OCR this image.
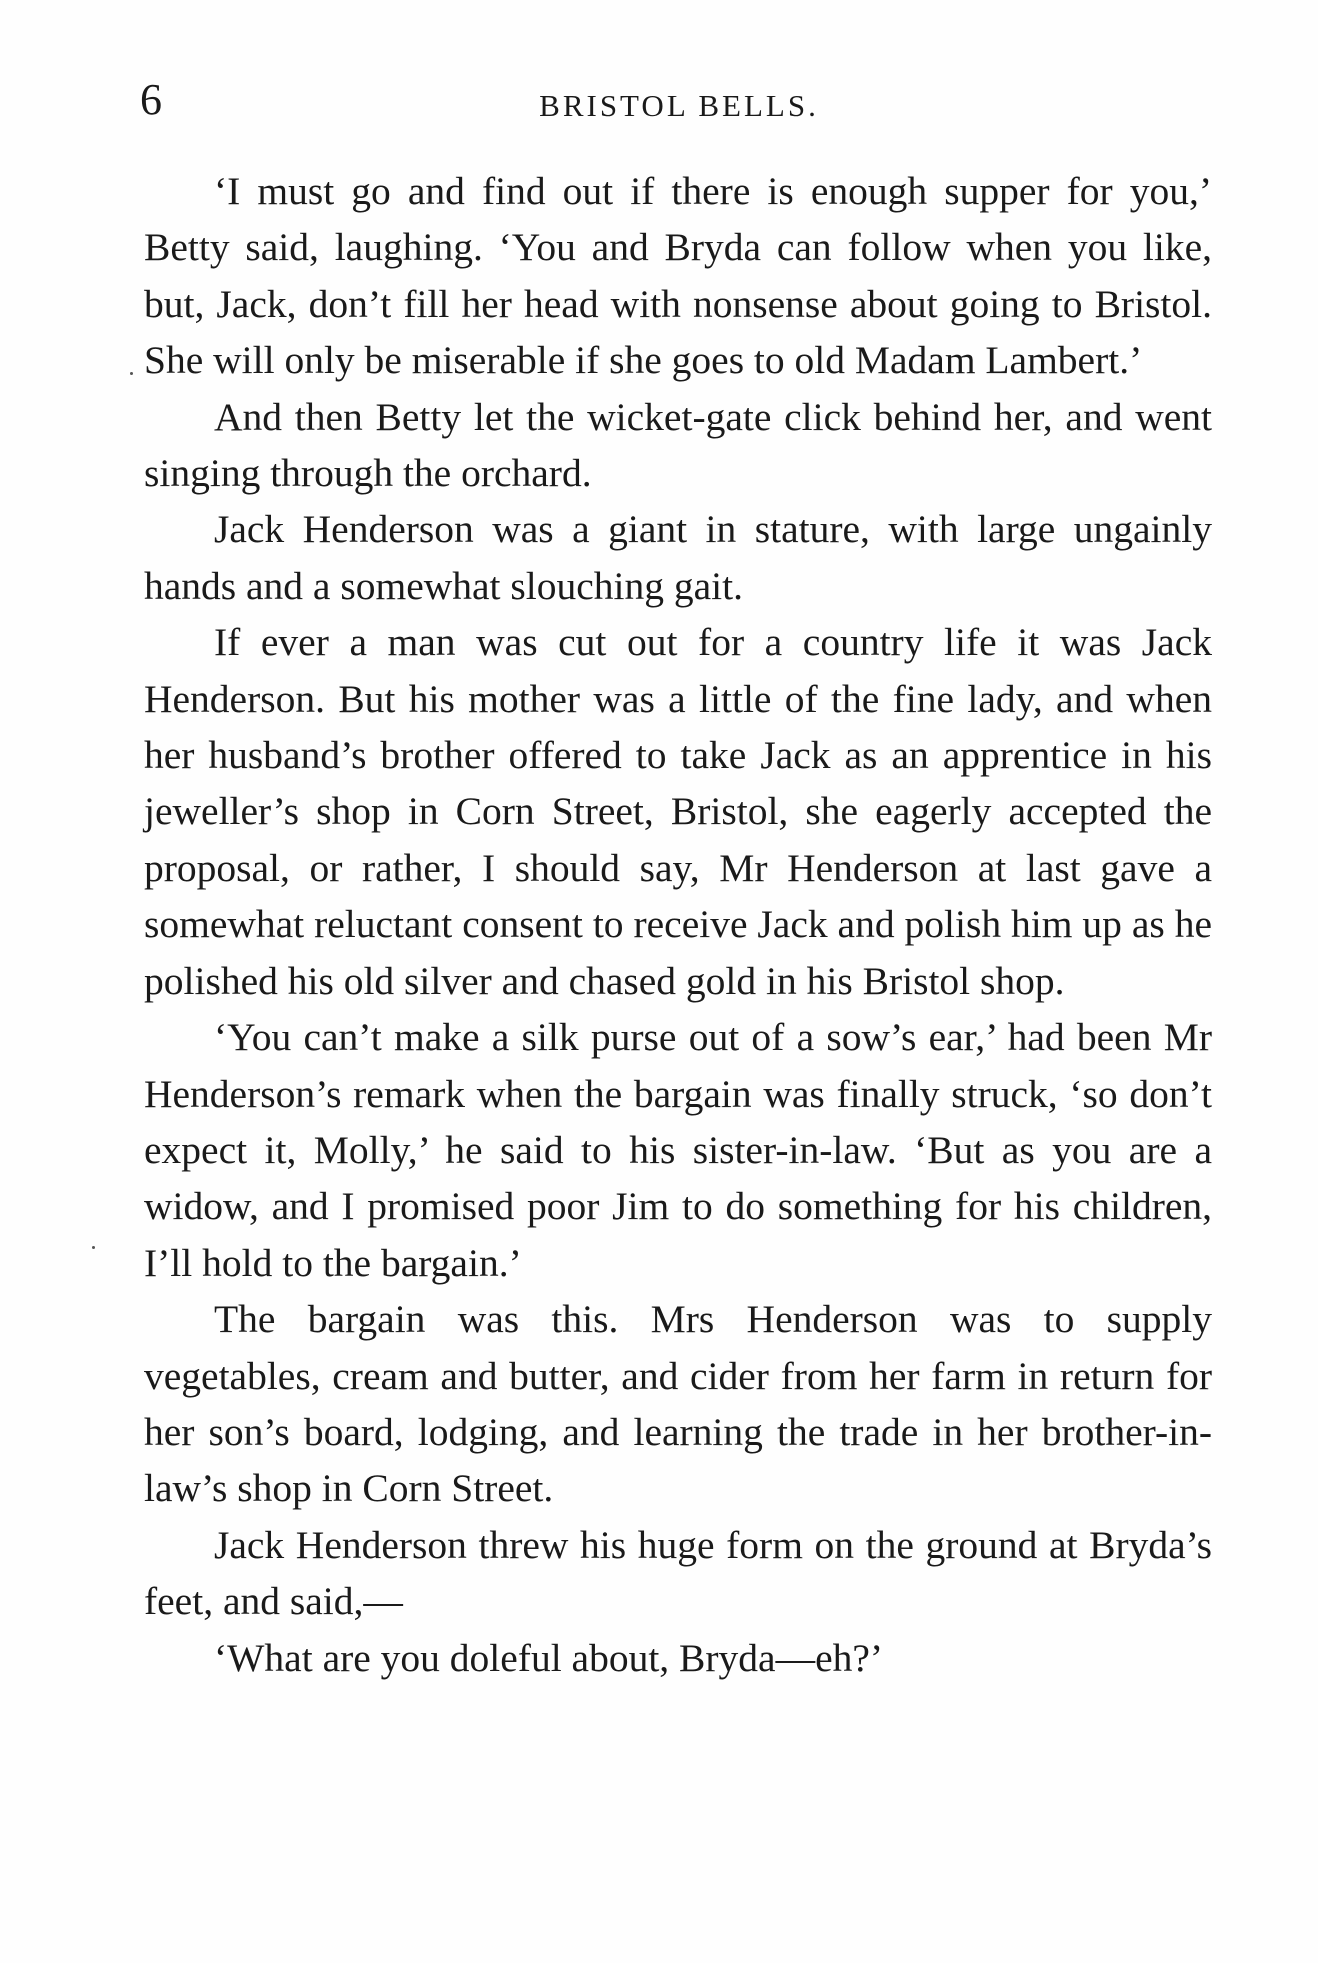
6	BRISTOL BELLS.

‘I must go and find out if there is enough supper for you,’ Betty said, laughing. ‘You and Bryda can follow when you like, but, Jack, don’t fill her head with nonsense about going to Bristol. She will only be miserable if she goes to old Madam Lambert.’

And then Betty let the wicket-gate click behind her, and went singing through the orchard.

Jack Henderson was a giant in stature, with large ungainly hands and a somewhat slouching gait.

If ever a man was cut out for a country life it was Jack Henderson. But his mother was a little of the fine lady, and when her husband’s brother offered to take Jack as an apprentice in his jeweller’s shop in Corn Street, Bristol, she eagerly accepted the proposal, or rather, I should say, Mr Henderson at last gave a somewhat reluctant consent to receive Jack and polish him up as he polished his old silver and chased gold in his Bristol shop.

‘You can’t make a silk purse out of a sow’s ear,’ had been Mr Henderson’s remark when the bargain was finally struck, ‘so don’t expect it, Molly,’ he said to his sister-in-law. ‘But as you are a widow, and I promised poor Jim to do something for his children, I’ll hold to the bargain.’

The bargain was this. Mrs Henderson was to supply vegetables, cream and butter, and cider from her farm in return for her son’s board, lodging, and learning the trade in her brother-in-law’s shop in Corn Street.

Jack Henderson threw his huge form on the ground at Bryda’s feet, and said,—

‘What are you doleful about, Bryda—eh?’
